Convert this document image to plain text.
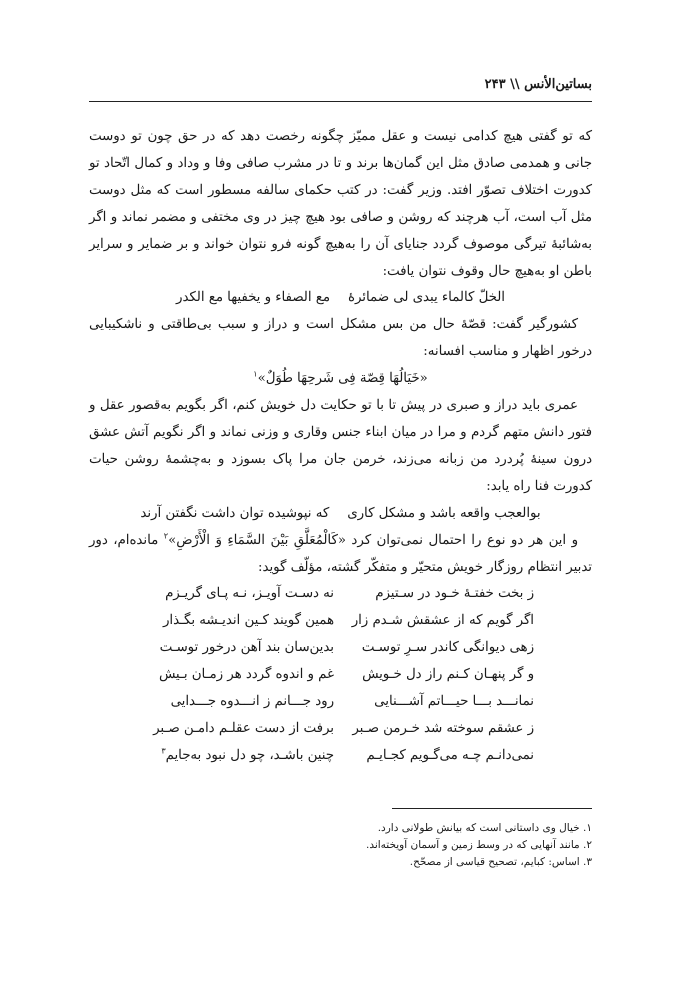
بساتین‌الأنس \\ ۲۴۳

که تو گفتی هیچ کدامی نیست و عقل ممیّز چگونه رخصت دهد که در حق چون تو دوست جانی و همدمی صادق مثل این گمان‌ها برند و تا در مشرب صافی وفا و وداد و کمال اتّحاد تو کدورت اختلاف تصوّر افتد. وزیر گفت: در کتب حکمای سالفه مسطور است که مثل دوست مثل آب است، آب هرچند که روشن و صافی بود هیچ چیز در وی مختفی و مضمر نماند و اگر به‌شائبهٔ تیرگی موصوف گردد جنایای آن را به‌هیچ گونه فرو نتوان خواند و بر ضمایر و سرایر باطن او به‌هیچ حال وقوف نتوان یافت:

الخلّ کالماء یبدی لی ضمائرهٔ
مع الصفاء و یخفیها مع الکدر

کشورگیر گفت: قصّهٔ حال من بس مشکل است و دراز و سبب بی‌طاقتی و ناشکیبایی درخور اظهار و مناسب افسانه:

«خَیَالُهَا قِصّة فِی شَرحِهَا طُوَلٌ»$^۱$

عمری باید دراز و صبری در پیش تا با تو حکایت دل خویش کنم، اگر بگویم به‌قصور عقل و فتور دانش متهم گردم و مرا در میان ابناء جنس وقاری و وزنی نماند و اگر نگویم آتش عشق درون سینهٔ پُردرد من زبانه می‌زند، خرمن جان مرا پاک بسوزد و به‌چشمهٔ روشن حیات کدورت فنا راه یابد:

بوالعجب واقعه باشد و مشکل کاری
که نپوشیده توان داشت نگفتن آرند

و این هر دو نوع را احتمال نمی‌توان کرد «کَالْمُعَلَّقِ بَیْنَ السَّمَاءِ وَ الْأَرْضِ»$^۲$ مانده‌ام، دور تدبیر انتظام روزگار خویش متحیّر و متفکّر گشته، مؤلّف گوید:

ز بخت خفتـهٔ خـود در سـتیزم
نه دسـت آویـز، نـه پـای گریـزم
اگر گویم که از عشقش شـدم زار
همین گویند کـین اندیـشه بگـذار
زهی دیوانگی کاندر سـرِ توسـت
بدین‌سان بند آهن درخور توسـت
و گر پنهـان کـنم راز دل خـویش
غم و اندوه گردد هر زمـان بـیش
نمانـــد بـــا حیـــاتم آشـــنایی
رود جـــانم ز انـــدوه جـــدایی
ز عشقم سوخته شد خـرمن صـبر
برفت از دست عقلـم دامـن صـبر
نمی‌دانـم چـه می‌گـویم کجـایـم
چنین باشـد، چو دل نبود به‌جایم$^۳$

۱. خیال وی داستانی است که بیانش طولانی دارد.

۲. مانند آنهایی که در وسط زمین و آسمان آویخته‌اند.

۳. اساس: کبایم، تصحیح قیاسی از مصحّح.
